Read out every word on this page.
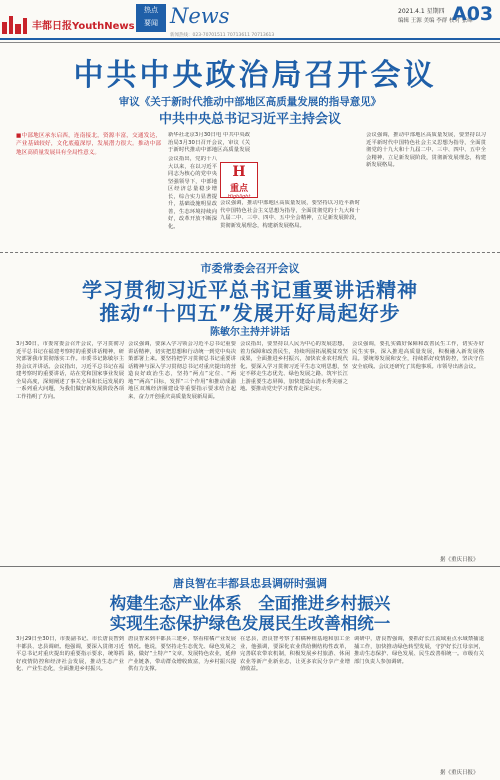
丰都日报YouthNews
热点
要闻 News
新闻热线：023-70701511 70713611 70713613
2021.4.1 星期四
编辑 王源 美编 李群 校对 张峰
A03
中共中央政治局召开会议
审议《关于新时代推动中部地区高质量发展的指导意见》
中共中央总书记习近平主持会议
■中部地区承东启西，连南接北，资源丰富，交通发达，产业基础较好，文化底蕴深厚，发展潜力很大。推动中部地区高质量发展具有全局性意义。
新华社北京3月30日电 中共中央政治局3月30日召开会议，审议《关于新时代推动中部地区高质量发展
会议指出，党的十八大以来，在以习近平同志为核心的党中央坚强领导下，中部地区经济总量稳步增长，综合实力显著提升，基础设施明显改善，生态环境持续向好，改革开放不断深化。
H
重点
Highlight
会议强调，推动中部地区高质量发展，要坚持以习近平新时代中国特色社会主义思想为指导，全面贯彻党的十九大和十九届二中、三中、四中、五中全会精神，立足新发展阶段，贯彻新发展理念，构建新发展格局。
会议强调，推动中部地区高质量发展，要坚持以习近平新时代中国特色社会主义思想为指导，全面贯彻党的十九大和十九届二中、三中、四中、五中全会精神，立足新发展阶段，贯彻新发展理念，构建新发展格局。
市委常委会召开会议
学习贯彻习近平总书记重要讲话精神
推动“十四五”发展开好局起好步
陈敏尔主持并讲话
3月30日，市委常委会召开会议，学习贯彻习近平总书记在福建考察时的重要讲话精神，研究部署我市贯彻落实工作。市委书记陈敏尔主持会议并讲话。会议指出，习近平总书记在福建考察时的重要讲话，站在党和国家事业发展全局高度，深刻阐述了事关全局和长远发展的一系列重大问题，为我们做好新发展阶段各项工作指明了方向。
会议强调，要深入学习领会习近平总书记重要讲话精神，切实把思想和行动统一到党中央决策部署上来。要坚持把学习贯彻总书记重要讲话精神与深入学习贯彻总书记对重庆提出的营造良好政治生态，坚持“两点”定位、“两地”“两高”目标，发挥“三个作用”和推动成渝地区双城经济圈建设等重要指示要求结合起来，奋力开创重庆高质量发展新局面。
会议指出，要坚持以人民为中心的发展思想，着力保障和改善民生，持续巩固拓展脱贫攻坚成果，全面推进乡村振兴，加快农业农村现代化。要深入学习贯彻习近平生态文明思想，坚定不移走生态优先、绿色发展之路，筑牢长江上游重要生态屏障，加快建设山清水秀美丽之地。要推动党史学习教育走深走实。
会议强调，要扎实做好保障和改善民生工作，切实办好民生实事，深入推进高质量发展，积极融入新发展格局。要统筹发展和安全，持续抓好疫情防控，坚决守住安全底线。会议还研究了其他事项。市领导出席会议。
据《重庆日报》
唐良智在丰都县忠县调研时强调
构建生态产业体系　全面推进乡村振兴
实现生态保护绿色发展民生改善相统一
3月29日至30日，市委副书记、市长唐良智到丰都县、忠县调研。他强调，要深入贯彻习近平总书记对重庆提出的重要指示要求，统筹抓好疫情防控和经济社会发展，推动生态产业化、产业生态化，全面推进乡村振兴。
唐良智来到丰都县三建乡，察看柑橘产业发展情况。他说，要坚持走生态优先、绿色发展之路，做好“土特产”文章，发展特色农业，延伸产业链条，带动群众增收致富，为乡村振兴提供有力支撑。
在忠县，唐良智考察了柑橘种植基地和加工企业，他强调，要深化农业供给侧结构性改革，完善联农带农机制，积极发展乡村旅游、休闲农业等新产业新业态，让更多农民分享产业增值收益。
调研中，唐良智强调，要抓好长江流域重点水域禁捕退捕工作，加快推动绿色转型发展，守护好长江母亲河，推动生态保护、绿色发展、民生改善相统一。市级有关部门负责人参加调研。
据《重庆日报》
